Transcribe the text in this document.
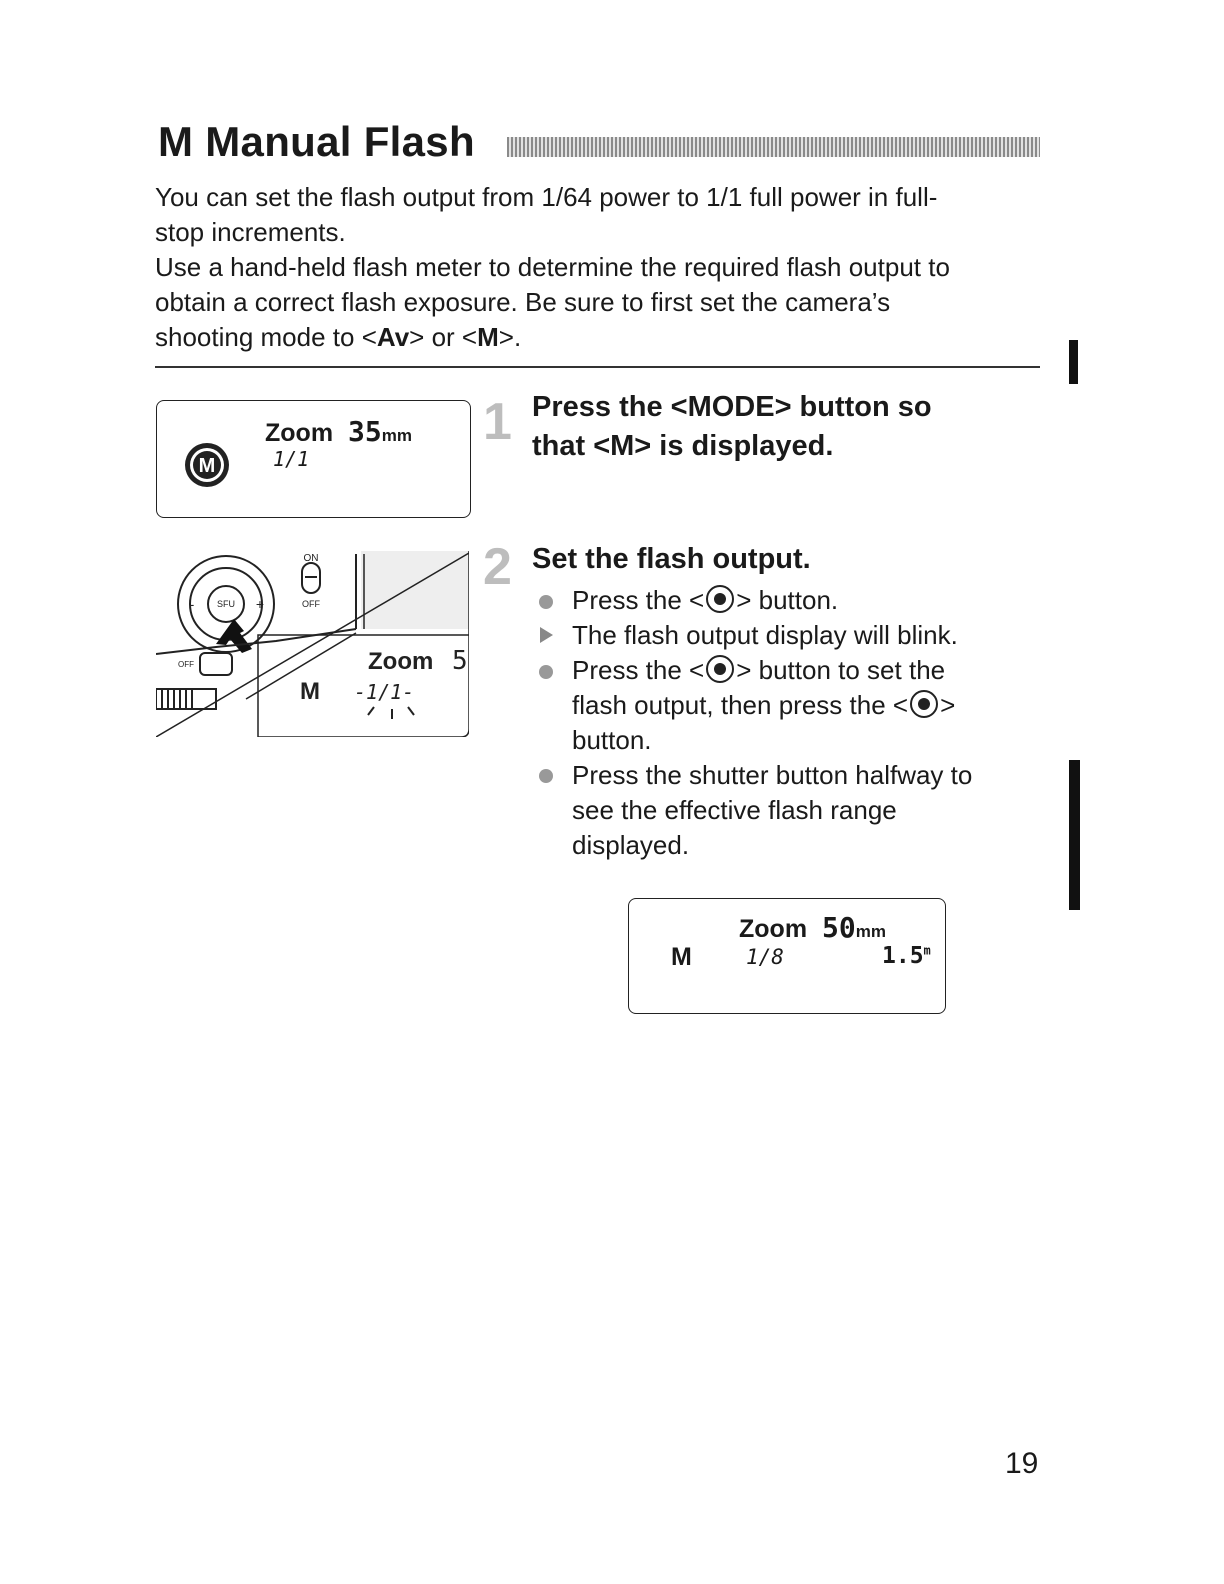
M Manual Flash

You can set the flash output from 1/64 power to 1/1 full power in full-

stop increments.

Use a hand-held flash meter to determine the required flash output to

obtain a correct flash exposure. Be sure to first set the camera’s

shooting mode to <Av> or <M>.

M
Zoom 35mm
1/1
1 Press the <MODE> button so
that <M> is displayed.
ON
OFF
SFU
-	+
OFF	Zoom 5
M -1/1-
2 Set the flash output.
Press the < > button.
The flash output display will blink.
Press the < > button to set the
flash output, then press the < >
button.
Press the shutter button halfway to
see the effective flash range
displayed.
Zoom 50mm
M	1/8	1.5$^m$
19
